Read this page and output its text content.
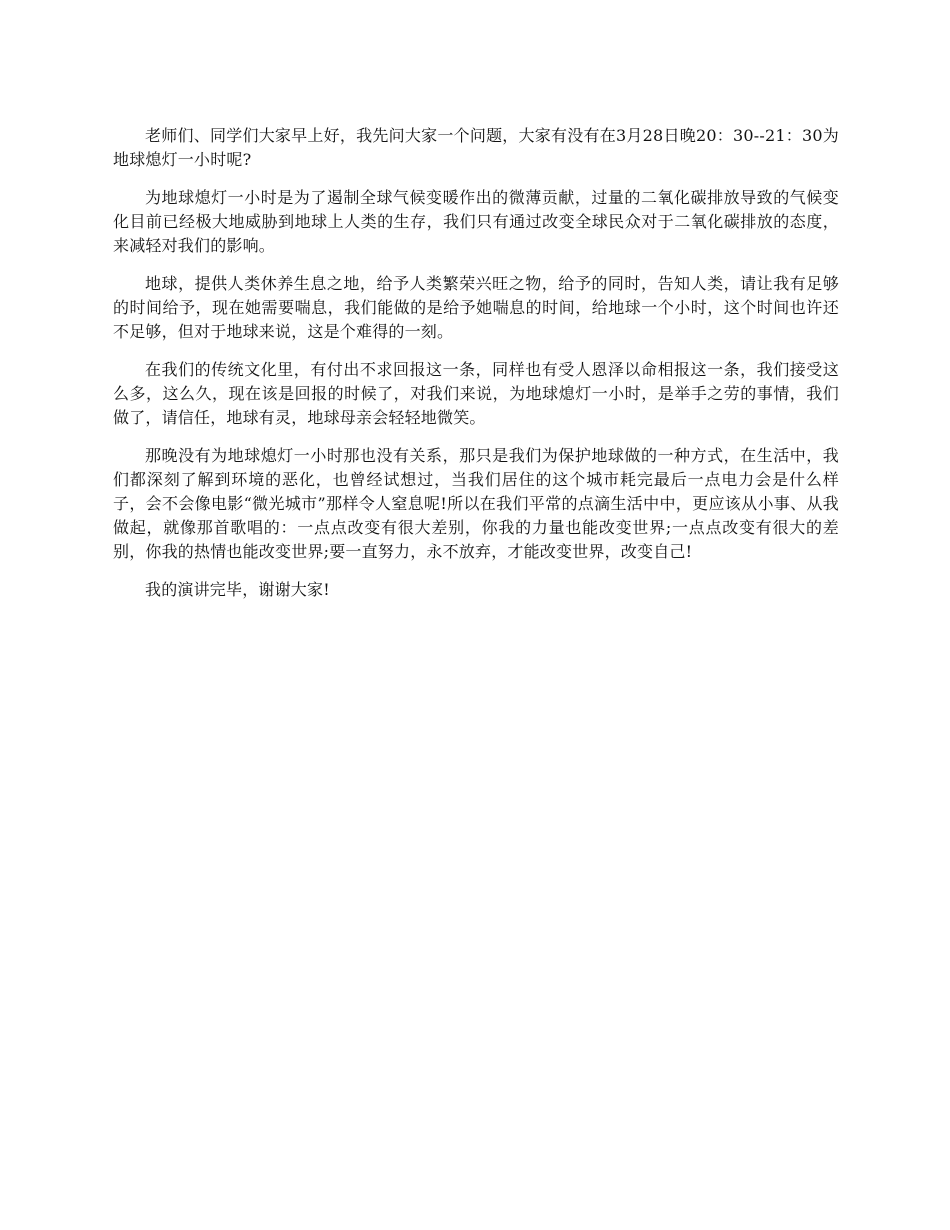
老师们、同学们大家早上好，我先问大家一个问题，大家有没有在3月28日晚20：30--21：30为地球熄灯一小时呢?

为地球熄灯一小时是为了遏制全球气候变暖作出的微薄贡献，过量的二氧化碳排放导致的气候变化目前已经极大地威胁到地球上人类的生存，我们只有通过改变全球民众对于二氧化碳排放的态度，来减轻对我们的影响。

地球，提供人类休养生息之地，给予人类繁荣兴旺之物，给予的同时，告知人类，请让我有足够的时间给予，现在她需要喘息，我们能做的是给予她喘息的时间，给地球一个小时，这个时间也许还不足够，但对于地球来说，这是个难得的一刻。

在我们的传统文化里，有付出不求回报这一条，同样也有受人恩泽以命相报这一条，我们接受这么多，这么久，现在该是回报的时候了，对我们来说，为地球熄灯一小时，是举手之劳的事情，我们做了，请信任，地球有灵，地球母亲会轻轻地微笑。

那晚没有为地球熄灯一小时那也没有关系，那只是我们为保护地球做的一种方式，在生活中，我们都深刻了解到环境的恶化，也曾经试想过，当我们居住的这个城市耗完最后一点电力会是什么样子，会不会像电影“微光城市”那样令人窒息呢!所以在我们平常的点滴生活中中，更应该从小事、从我做起，就像那首歌唱的：一点点改变有很大差别，你我的力量也能改变世界;一点点改变有很大的差别，你我的热情也能改变世界;要一直努力，永不放弃，才能改变世界，改变自己!

我的演讲完毕，谢谢大家!
